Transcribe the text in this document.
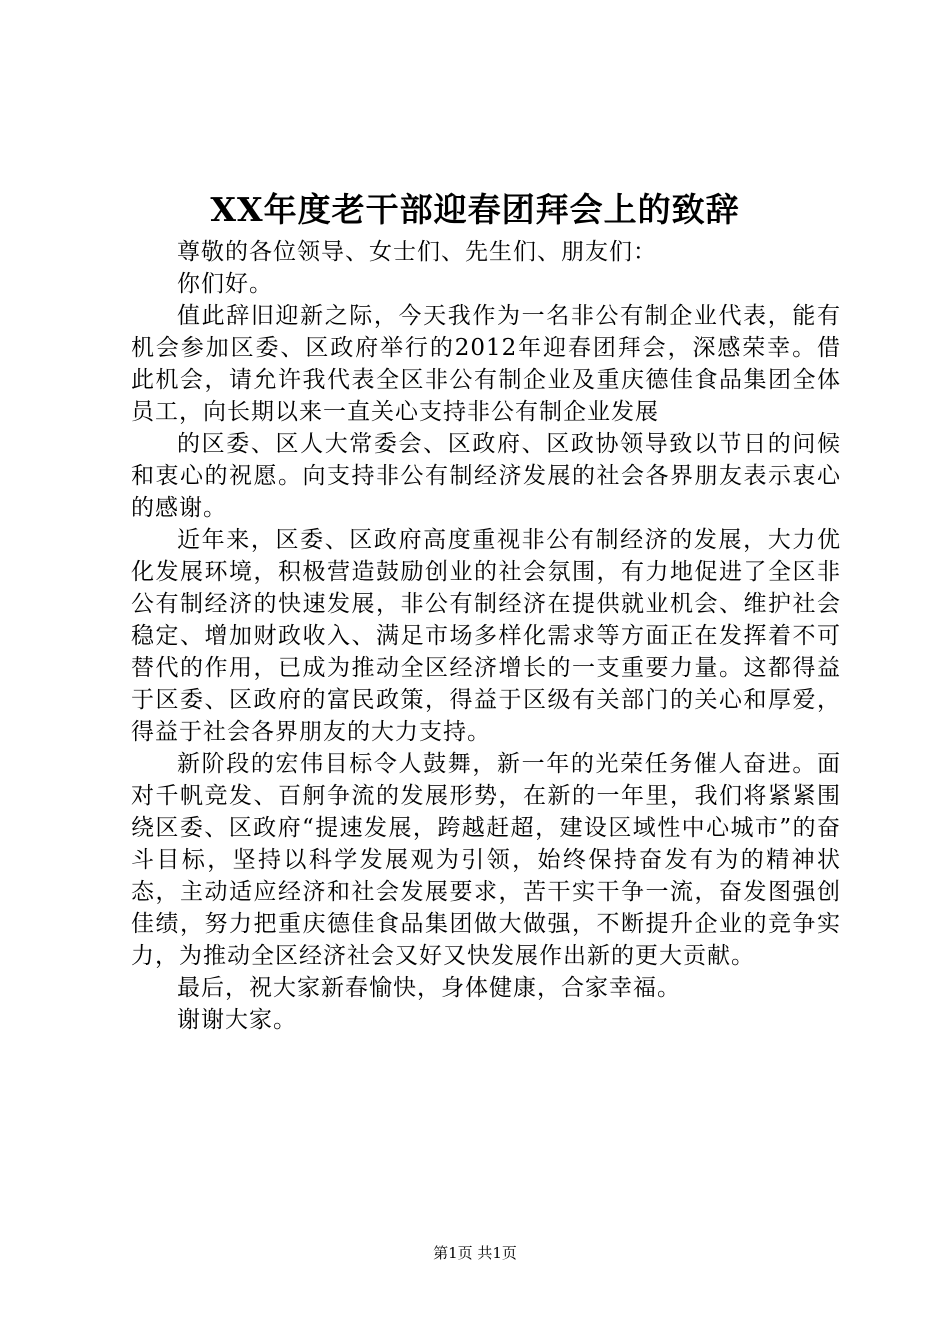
XX年度老干部迎春团拜会上的致辞

尊敬的各位领导、女士们、先生们、朋友们：

你们好。

值此辞旧迎新之际，今天我作为一名非公有制企业代表，能有机会参加区委、区政府举行的2012年迎春团拜会，深感荣幸。借此机会，请允许我代表全区非公有制企业及重庆德佳食品集团全体员工，向长期以来一直关心支持非公有制企业发展

的区委、区人大常委会、区政府、区政协领导致以节日的问候和衷心的祝愿。向支持非公有制经济发展的社会各界朋友表示衷心的感谢。

近年来，区委、区政府高度重视非公有制经济的发展，大力优化发展环境，积极营造鼓励创业的社会氛围，有力地促进了全区非公有制经济的快速发展，非公有制经济在提供就业机会、维护社会稳定、增加财政收入、满足市场多样化需求等方面正在发挥着不可替代的作用，已成为推动全区经济增长的一支重要力量。这都得益于区委、区政府的富民政策，得益于区级有关部门的关心和厚爱，得益于社会各界朋友的大力支持。

新阶段的宏伟目标令人鼓舞，新一年的光荣任务催人奋进。面对千帆竞发、百舸争流的发展形势，在新的一年里，我们将紧紧围绕区委、区政府“提速发展，跨越赶超，建设区域性中心城市”的奋斗目标，坚持以科学发展观为引领，始终保持奋发有为的精神状态，主动适应经济和社会发展要求，苦干实干争一流，奋发图强创佳绩，努力把重庆德佳食品集团做大做强，不断提升企业的竞争实力，为推动全区经济社会又好又快发展作出新的更大贡献。

最后，祝大家新春愉快，身体健康，合家幸福。

谢谢大家。

第1页 共1页
